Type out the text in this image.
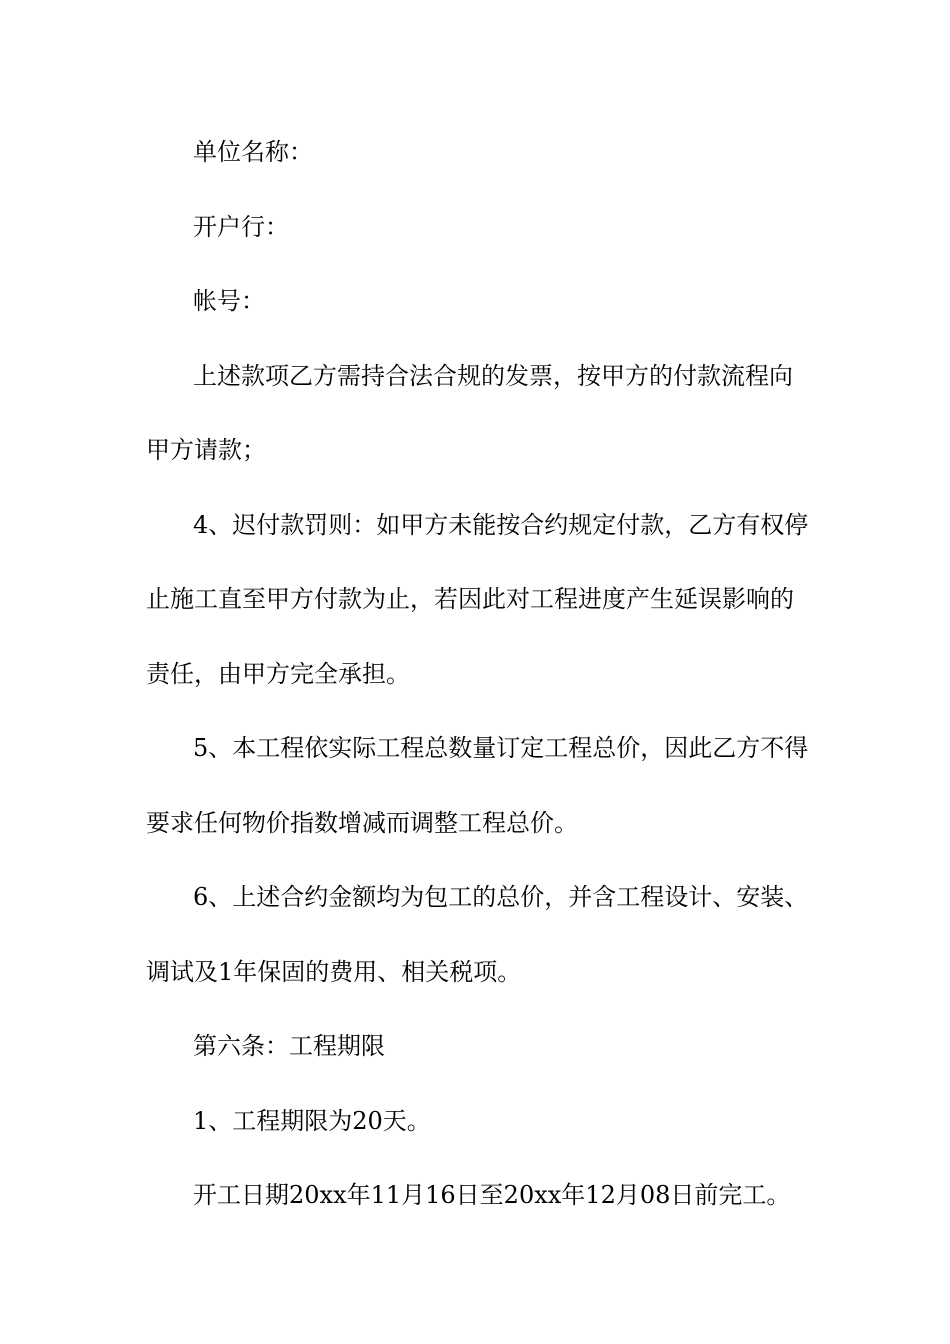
单位名称：
开户行：
帐号：
上述款项乙方需持合法合规的发票，按甲方的付款流程向
甲方请款；
4、迟付款罚则：如甲方未能按合约规定付款，乙方有权停
止施工直至甲方付款为止，若因此对工程进度产生延误影响的
责任，由甲方完全承担。
5、本工程依实际工程总数量订定工程总价，因此乙方不得
要求任何物价指数增减而调整工程总价。
6、上述合约金额均为包工的总价，并含工程设计、安装、
调试及1年保固的费用、相关税项。
第六条：工程期限
1、工程期限为20天。
开工日期20xx年11月16日至20xx年12月08日前完工。
